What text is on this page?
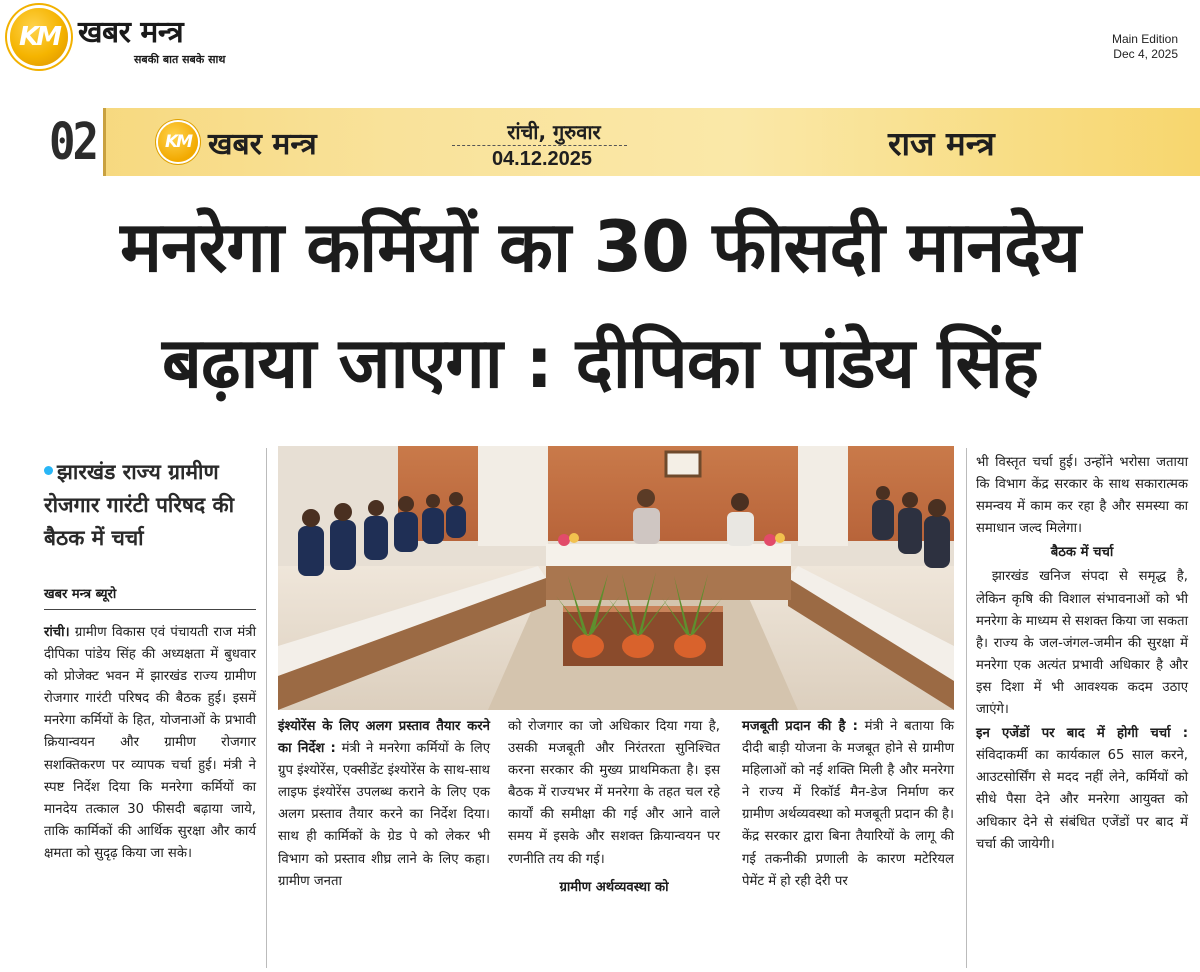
KM खबर मन्त्र
सबकी बात सबके साथ
Main Edition
Dec 4, 2025
02	KM खबर मन्त्र	रांची, गुरुवार
04.12.2025	राज मन्त्र
मनरेगा कर्मियों का 30 फीसदी मानदेय
बढ़ाया जाएगा : दीपिका पांडेय सिंह
झारखंड राज्य ग्रामीण रोजगार गारंटी परिषद की बैठक में चर्चा
खबर मन्त्र ब्यूरो

रांची। ग्रामीण विकास एवं पंचायती राज मंत्री दीपिका पांडेय सिंह की अध्यक्षता में बुधवार को प्रोजेक्ट भवन में झारखंड राज्य ग्रामीण रोजगार गारंटी परिषद की बैठक हुई। इसमें मनरेगा कर्मियों के हित, योजनाओं के प्रभावी क्रियान्वयन और ग्रामीण रोजगार सशक्तिकरण पर व्यापक चर्चा हुई। मंत्री ने स्पष्ट निर्देश दिया कि मनरेगा कर्मियों का मानदेय तत्काल 30 फीसदी बढ़ाया जाये, ताकि कार्मिकों की आर्थिक सुरक्षा और कार्य क्षमता को सुदृढ़ किया जा सके।

इंश्योरेंस के लिए अलग प्रस्ताव तैयार करने का निर्देश : मंत्री ने मनरेगा कर्मियों के लिए ग्रुप इंश्योरेंस, एक्सीडेंट इंश्योरेंस के साथ-साथ लाइफ इंश्योरेंस उपलब्ध कराने के लिए एक अलग प्रस्ताव तैयार करने का निर्देश दिया। साथ ही कार्मिकों के ग्रेड पे को लेकर भी विभाग को प्रस्ताव शीघ्र लाने के लिए कहा। ग्रामीण जनता

को रोजगार का जो अधिकार दिया गया है, उसकी मजबूती और निरंतरता सुनिश्चित करना सरकार की मुख्य प्राथमिकता है। इस बैठक में राज्यभर में मनरेगा के तहत चल रहे कार्यों की समीक्षा की गई और आने वाले समय में इसके और सशक्त क्रियान्वयन पर रणनीति तय की गई।

ग्रामीण अर्थव्यवस्था को

मजबूती प्रदान की है : मंत्री ने बताया कि दीदी बाड़ी योजना के मजबूत होने से ग्रामीण महिलाओं को नई शक्ति मिली है और मनरेगा ने राज्य में रिकॉर्ड मैन-डेज निर्माण कर ग्रामीण अर्थव्यवस्था को मजबूती प्रदान की है। केंद्र सरकार द्वारा बिना तैयारियों के लागू की गई तकनीकी प्रणाली के कारण मटेरियल पेमेंट में हो रही देरी पर

भी विस्तृत चर्चा हुई। उन्होंने भरोसा जताया कि विभाग केंद्र सरकार के साथ सकारात्मक समन्वय में काम कर रहा है और समस्या का समाधान जल्द मिलेगा।

बैठक में चर्चा

झारखंड खनिज संपदा से समृद्ध है, लेकिन कृषि की विशाल संभावनाओं को भी मनरेगा के माध्यम से सशक्त किया जा सकता है। राज्य के जल-जंगल-जमीन की सुरक्षा में मनरेगा एक अत्यंत प्रभावी अधिकार है और इस दिशा में भी आवश्यक कदम उठाए जाएंगे।

इन एजेंडों पर बाद में होगी चर्चा : संविदाकर्मी का कार्यकाल 65 साल करने, आउटसोर्सिंग से मदद नहीं लेने, कर्मियों को सीधे पैसा देने और मनरेगा आयुक्त को अधिकार देने से संबंधित एजेंडों पर बाद में चर्चा की जायेगी।
